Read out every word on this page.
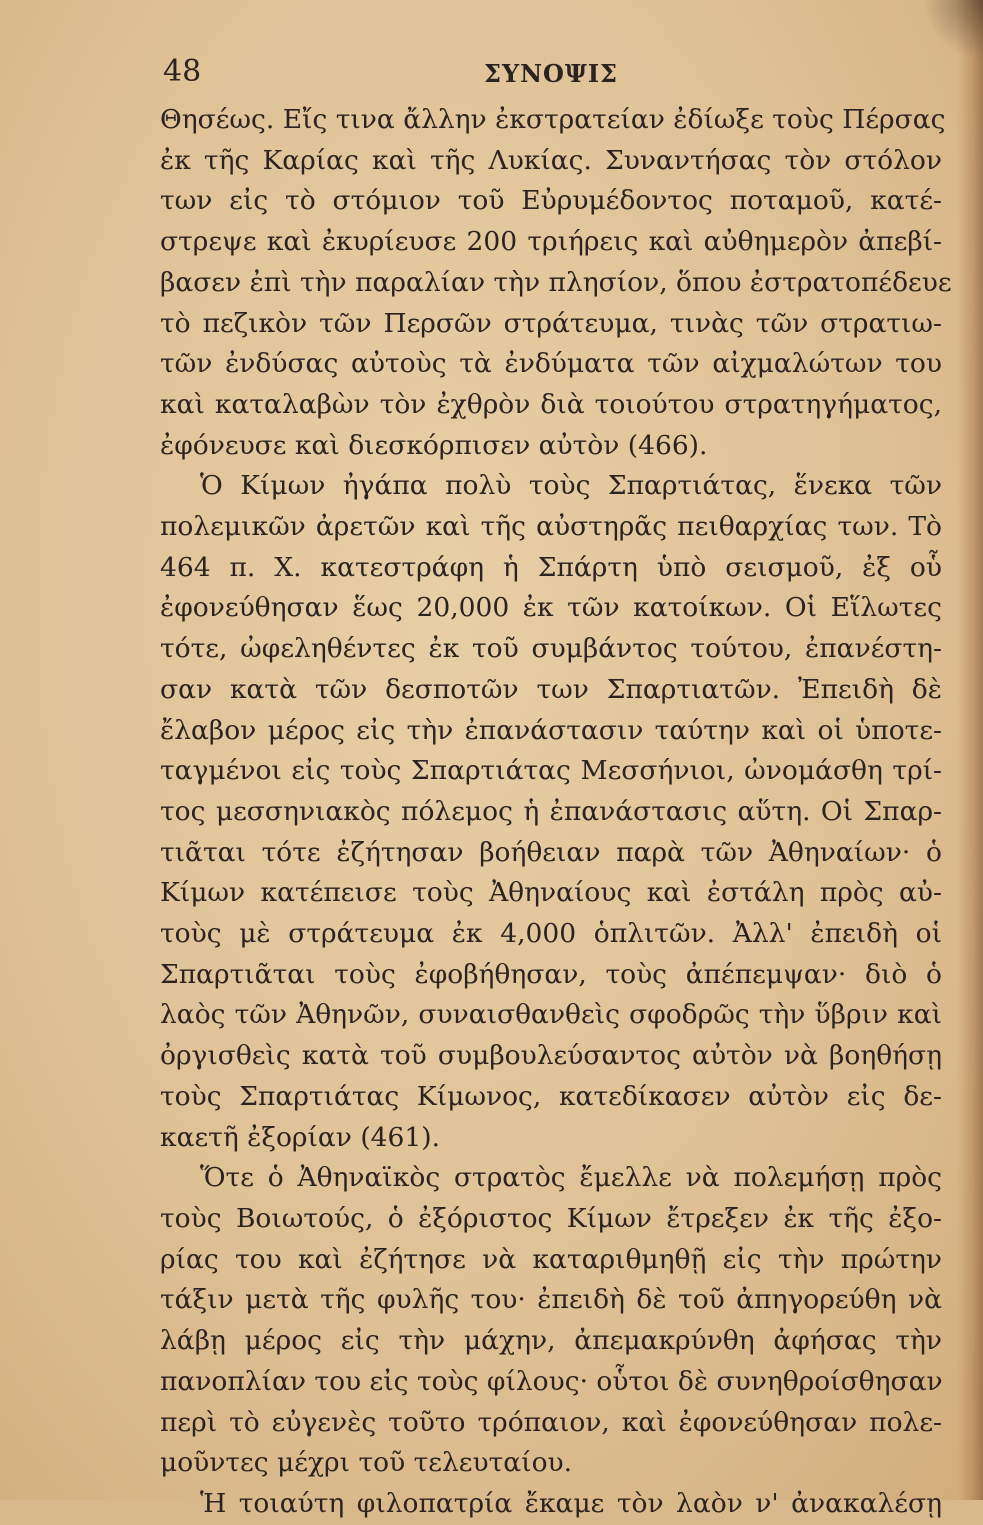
48	ΣΥΝΟΨΙΣ
Θησέως. Εἴς τινα ἄλλην ἐκστρατείαν ἐδίωξε τοὺς Πέρσας
ἐκ τῆς Καρίας καὶ τῆς Λυκίας. Συναντήσας τὸν στόλον
των εἰς τὸ στόμιον τοῦ Εὐρυμέδοντος ποταμοῦ, κατέ-
στρεψε καὶ ἐκυρίευσε 200 τριήρεις καὶ αὐθημερὸν ἀπεβί-
βασεν ἐπὶ τὴν παραλίαν τὴν πλησίον, ὅπου ἐστρατοπέδευε
τὸ πεζικὸν τῶν Περσῶν στράτευμα, τινὰς τῶν στρατιω-
τῶν ἐνδύσας αὐτοὺς τὰ ἐνδύματα τῶν αἰχμαλώτων του
καὶ καταλαβὼν τὸν ἐχθρὸν διὰ τοιούτου στρατηγήματος,
ἐφόνευσε καὶ διεσκόρπισεν αὐτὸν (466).
Ὁ Κίμων ἠγάπα πολὺ τοὺς Σπαρτιάτας, ἕνεκα τῶν
πολεμικῶν ἀρετῶν καὶ τῆς αὐστηρᾶς πειθαρχίας των. Τὸ
464 π. Χ. κατεστράφη ἡ Σπάρτη ὑπὸ σεισμοῦ, ἐξ οὗ
ἐφονεύθησαν ἕως 20,000 ἐκ τῶν κατοίκων. Οἱ Εἵλωτες
τότε, ὠφεληθέντες ἐκ τοῦ συμβάντος τούτου, ἐπανέστη-
σαν κατὰ τῶν δεσποτῶν των Σπαρτιατῶν. Ἐπειδὴ δὲ
ἔλαβον μέρος εἰς τὴν ἐπανάστασιν ταύτην καὶ οἱ ὑποτε-
ταγμένοι εἰς τοὺς Σπαρτιάτας Μεσσήνιοι, ὠνομάσθη τρί-
τος μεσσηνιακὸς πόλεμος ἡ ἐπανάστασις αὕτη. Οἱ Σπαρ-
τιᾶται τότε ἐζήτησαν βοήθειαν παρὰ τῶν Ἀθηναίων· ὁ
Κίμων κατέπεισε τοὺς Ἀθηναίους καὶ ἐστάλη πρὸς αὐ-
τοὺς μὲ στράτευμα ἐκ 4,000 ὁπλιτῶν. Ἀλλ' ἐπειδὴ οἱ
Σπαρτιᾶται τοὺς ἐφοβήθησαν, τοὺς ἀπέπεμψαν· διὸ ὁ
λαὸς τῶν Ἀθηνῶν, συναισθανθεὶς σφοδρῶς τὴν ὕβριν καὶ
ὀργισθεὶς κατὰ τοῦ συμβουλεύσαντος αὐτὸν νὰ βοηθήσῃ
τοὺς Σπαρτιάτας Κίμωνος, κατεδίκασεν αὐτὸν εἰς δε-
καετῆ ἐξορίαν (461).
Ὅτε ὁ Ἀθηναϊκὸς στρατὸς ἔμελλε νὰ πολεμήσῃ πρὸς
τοὺς Βοιωτούς, ὁ ἐξόριστος Κίμων ἔτρεξεν ἐκ τῆς ἐξο-
ρίας του καὶ ἐζήτησε νὰ καταριθμηθῇ εἰς τὴν πρώτην
τάξιν μετὰ τῆς φυλῆς του· ἐπειδὴ δὲ τοῦ ἀπηγορεύθη νὰ
λάβῃ μέρος εἰς τὴν μάχην, ἀπεμακρύνθη ἀφήσας τὴν
πανοπλίαν του εἰς τοὺς φίλους· οὗτοι δὲ συνηθροίσθησαν
περὶ τὸ εὐγενὲς τοῦτο τρόπαιον, καὶ ἐφονεύθησαν πολε-
μοῦντες μέχρι τοῦ τελευταίου.
Ἡ τοιαύτη φιλοπατρία ἔκαμε τὸν λαὸν ν' ἀνακαλέσῃ
